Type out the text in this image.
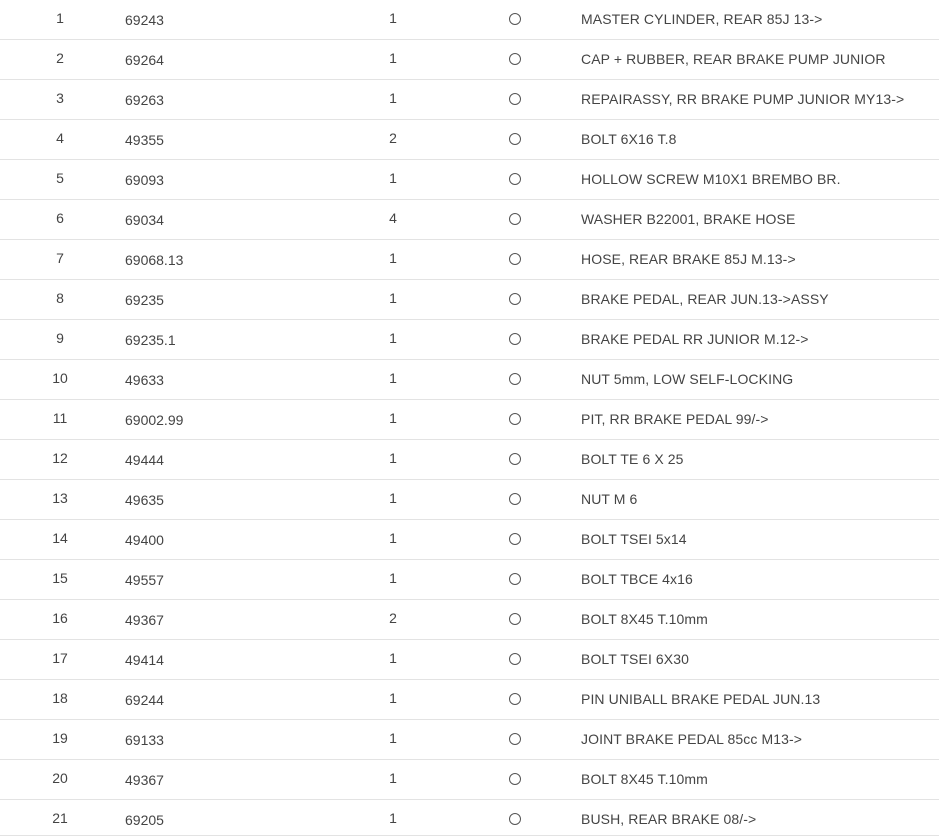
1	69243	1	MASTER CYLINDER, REAR 85J 13->
2	69264	1	CAP + RUBBER, REAR BRAKE PUMP JUNIOR
3	69263	1	REPAIRASSY, RR BRAKE PUMP JUNIOR MY13->
4	49355	2	BOLT 6X16 T.8
5	69093	1	HOLLOW SCREW M10X1 BREMBO BR.
6	69034	4	WASHER B22001, BRAKE HOSE
7	69068.13	1	HOSE, REAR BRAKE 85J M.13->
8	69235	1	BRAKE PEDAL, REAR JUN.13->ASSY
9	69235.1	1	BRAKE PEDAL RR JUNIOR M.12->
10	49633	1	NUT 5mm, LOW SELF-LOCKING
11	69002.99	1	PIT, RR BRAKE PEDAL 99/->
12	49444	1	BOLT TE 6 X 25
13	49635	1	NUT M 6
14	49400	1	BOLT TSEI 5x14
15	49557	1	BOLT TBCE 4x16
16	49367	2	BOLT 8X45 T.10mm
17	49414	1	BOLT TSEI 6X30
18	69244	1	PIN UNIBALL BRAKE PEDAL JUN.13
19	69133	1	JOINT BRAKE PEDAL 85cc M13->
20	49367	1	BOLT 8X45 T.10mm
21	69205	1	BUSH, REAR BRAKE 08/->
